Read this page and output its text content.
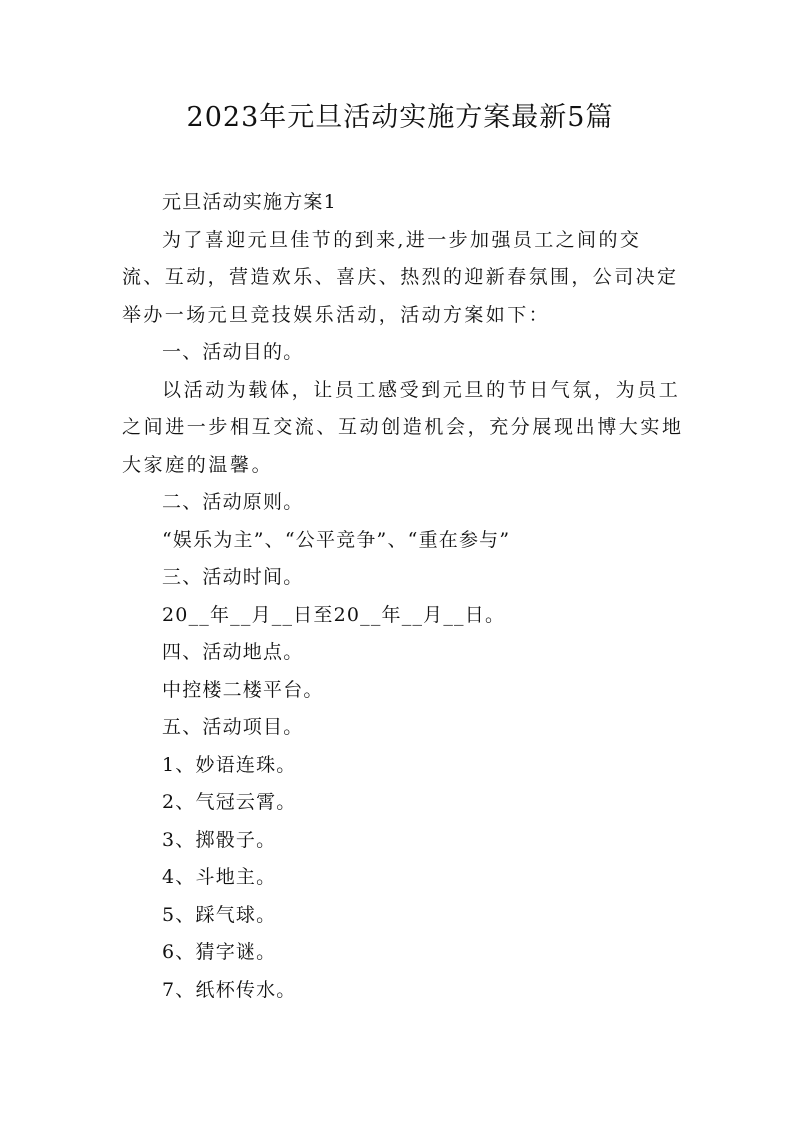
2023年元旦活动实施方案最新5篇
元旦活动实施方案1

为了喜迎元旦佳节的到来,进一步加强员工之间的交流、互动，营造欢乐、喜庆、热烈的迎新春氛围，公司决定举办一场元旦竞技娱乐活动，活动方案如下：

一、活动目的。

以活动为载体，让员工感受到元旦的节日气氛，为员工之间进一步相互交流、互动创造机会，充分展现出博大实地大家庭的温馨。

二、活动原则。
“娱乐为主”、“公平竞争”、“重在参与”
三、活动时间。
20__年__月__日至20__年__月__日。
四、活动地点。
中控楼二楼平台。
五、活动项目。
1、妙语连珠。
2、气冠云霄。
3、掷骰子。
4、斗地主。
5、踩气球。
6、猜字谜。
7、纸杯传水。
